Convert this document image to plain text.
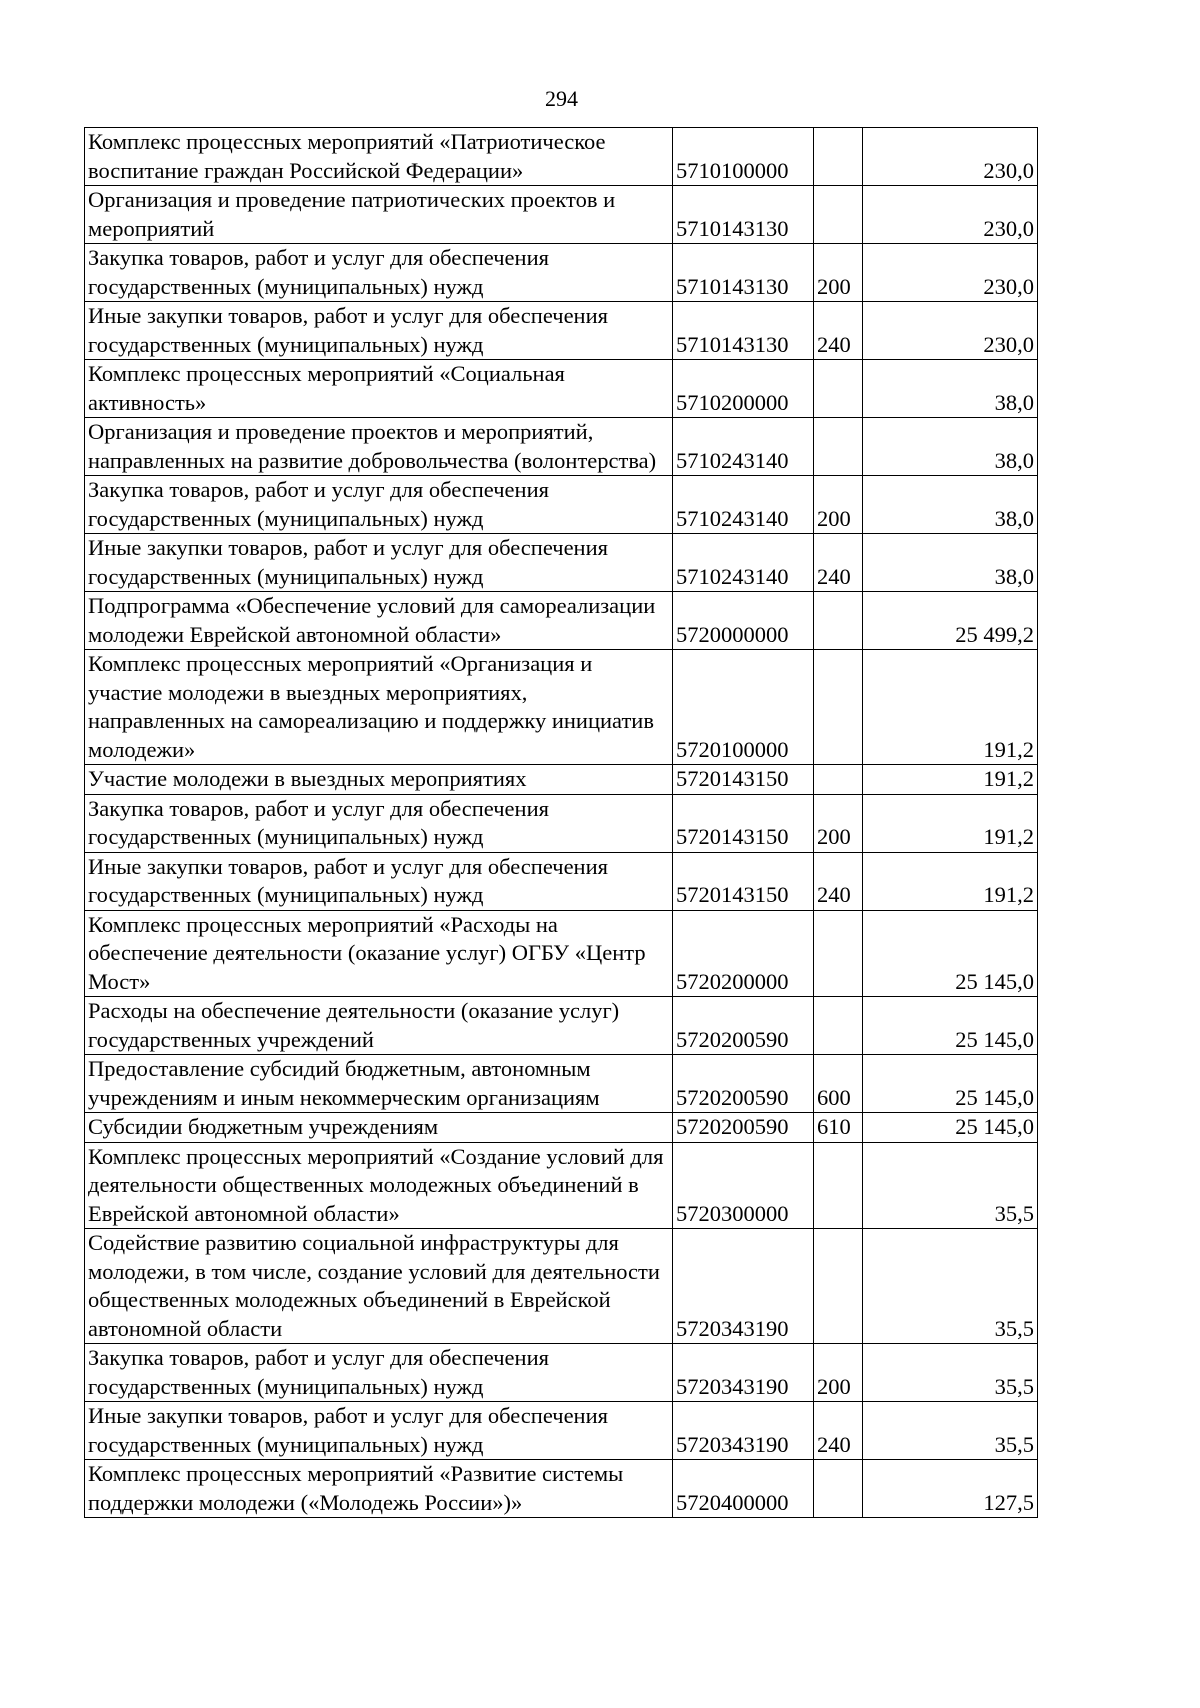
294
Комплекс процессных мероприятий «Патриотическое воспитание граждан Российской Федерации»	5710100000		230,0
Организация и проведение патриотических проектов и мероприятий	5710143130		230,0
Закупка товаров, работ и услуг для обеспечения государственных (муниципальных) нужд	5710143130	200	230,0
Иные закупки товаров, работ и услуг для обеспечения государственных (муниципальных) нужд	5710143130	240	230,0
Комплекс процессных мероприятий «Социальная активность»	5710200000		38,0
Организация и проведение проектов и мероприятий, направленных на развитие добровольчества (волонтерства)	5710243140		38,0
Закупка товаров, работ и услуг для обеспечения государственных (муниципальных) нужд	5710243140	200	38,0
Иные закупки товаров, работ и услуг для обеспечения государственных (муниципальных) нужд	5710243140	240	38,0
Подпрограмма «Обеспечение условий для самореализации молодежи Еврейской автономной области»	5720000000		25 499,2
Комплекс процессных мероприятий «Организация и участие молодежи в выездных мероприятиях, направленных на самореализацию и поддержку инициатив молодежи»	5720100000		191,2
Участие молодежи в выездных мероприятиях	5720143150		191,2
Закупка товаров, работ и услуг для обеспечения государственных (муниципальных) нужд	5720143150	200	191,2
Иные закупки товаров, работ и услуг для обеспечения государственных (муниципальных) нужд	5720143150	240	191,2
Комплекс процессных мероприятий «Расходы на обеспечение деятельности (оказание услуг) ОГБУ «Центр Мост»	5720200000		25 145,0
Расходы на обеспечение деятельности (оказание услуг) государственных учреждений	5720200590		25 145,0
Предоставление субсидий бюджетным, автономным учреждениям и иным некоммерческим организациям	5720200590	600	25 145,0
Субсидии бюджетным учреждениям	5720200590	610	25 145,0
Комплекс процессных мероприятий «Создание условий для деятельности общественных молодежных объединений в Еврейской автономной области»	5720300000		35,5
Содействие развитию социальной инфраструктуры для молодежи, в том числе, создание условий для деятельности общественных молодежных объединений в Еврейской автономной области	5720343190		35,5
Закупка товаров, работ и услуг для обеспечения государственных (муниципальных) нужд	5720343190	200	35,5
Иные закупки товаров, работ и услуг для обеспечения государственных (муниципальных) нужд	5720343190	240	35,5
Комплекс процессных мероприятий «Развитие системы поддержки молодежи («Молодежь России»)»	5720400000		127,5
